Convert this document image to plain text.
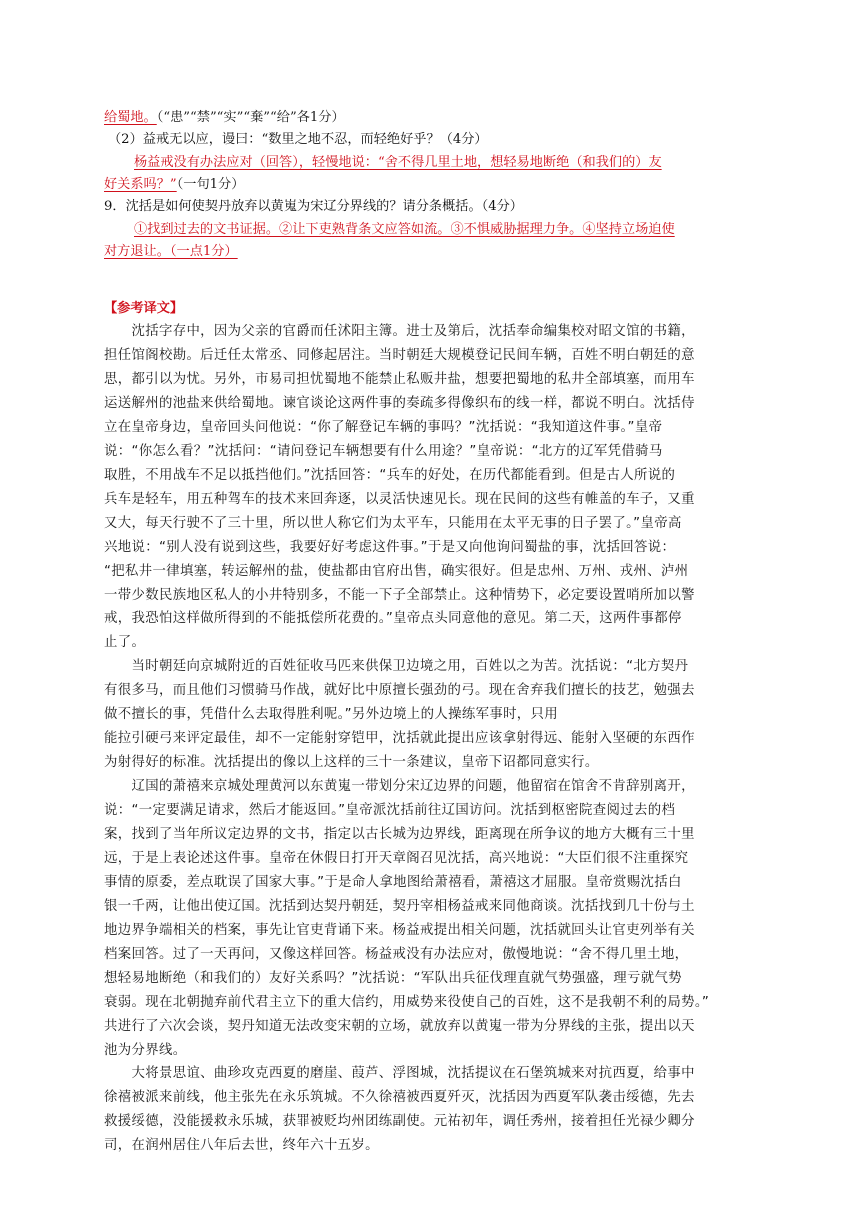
给蜀地。（“患”“禁”“实”“棄”“给”各1分）
（2）益戒无以应，谩曰：“数里之地不忍，而轻绝好乎？（4分）
杨益戒没有办法应对（回答），轻慢地说：“舍不得几里土地，想轻易地断绝（和我们的）友
好关系吗？”（一句1分）
9．沈括是如何使契丹放弃以黄嵬为宋辽分界线的？请分条概括。（4分）
①找到过去的文书证据。②让下吏熟背条文应答如流。③不惧威胁据理力争。④坚持立场迫使
对方退让。（一点1分）
【参考译文】
　　沈括字存中，因为父亲的官爵而任沭阳主簿。进士及第后，沈括奉命编集校对昭文馆的书籍，
担任馆阁校勘。后迁任太常丞、同修起居注。当时朝廷大规模登记民间车辆，百姓不明白朝廷的意
思，都引以为忧。另外，市易司担忧蜀地不能禁止私贩井盐，想要把蜀地的私井全部填塞，而用车
运送解州的池盐来供给蜀地。谏官谈论这两件事的奏疏多得像织布的线一样，都说不明白。沈括侍
立在皇帝身边，皇帝回头问他说：“你了解登记车辆的事吗？”沈括说：“我知道这件事。”皇帝
说：“你怎么看？”沈括问：“请问登记车辆想要有什么用途？”皇帝说：“北方的辽军凭借骑马
取胜，不用战车不足以抵挡他们。”沈括回答：“兵车的好处，在历代都能看到。但是古人所说的
兵车是轻车，用五种驾车的技术来回奔逐，以灵活快速见长。现在民间的这些有帷盖的车子，又重
又大，每天行驶不了三十里，所以世人称它们为太平车，只能用在太平无事的日子罢了。”皇帝高
兴地说：“别人没有说到这些，我要好好考虑这件事。”于是又向他询问蜀盐的事，沈括回答说：
“把私井一律填塞，转运解州的盐，使盐都由官府出售，确实很好。但是忠州、万州、戎州、泸州
一带少数民族地区私人的小井特别多，不能一下子全部禁止。这种情势下，必定要设置哨所加以警
戒，我恐怕这样做所得到的不能抵偿所花费的。”皇帝点头同意他的意见。第二天，这两件事都停
止了。
　　当时朝廷向京城附近的百姓征收马匹来供保卫边境之用，百姓以之为苦。沈括说：“北方契丹
有很多马，而且他们习惯骑马作战，就好比中原擅长强劲的弓。现在舍弃我们擅长的技艺，勉强去
做不擅长的事，凭借什么去取得胜利呢。”另外边境上的人操练军事时，只用
能拉引硬弓来评定最佳，却不一定能射穿铠甲，沈括就此提出应该拿射得远、能射入坚硬的东西作
为射得好的标准。沈括提出的像以上这样的三十一条建议，皇帝下诏都同意实行。
　　辽国的萧禧来京城处理黄河以东黄嵬一带划分宋辽边界的问题，他留宿在馆舍不肯辞别离开，
说：“一定要满足请求，然后才能返回。”皇帝派沈括前往辽国访问。沈括到枢密院查阅过去的档
案，找到了当年所议定边界的文书，指定以古长城为边界线，距离现在所争议的地方大概有三十里
远，于是上表论述这件事。皇帝在休假日打开天章阁召见沈括，高兴地说：“大臣们很不注重探究
事情的原委，差点耽误了国家大事。”于是命人拿地图给萧禧看，萧禧这才屈服。皇帝赏赐沈括白
银一千两，让他出使辽国。沈括到达契丹朝廷，契丹宰相杨益戒来同他商谈。沈括找到几十份与土
地边界争端相关的档案，事先让官吏背诵下来。杨益戒提出相关问题，沈括就回头让官吏列举有关
档案回答。过了一天再问，又像这样回答。杨益戒没有办法应对，傲慢地说：“舍不得几里土地，
想轻易地断绝（和我们的）友好关系吗？”沈括说：“军队出兵征伐理直就气势强盛，理亏就气势
衰弱。现在北朝抛弃前代君主立下的重大信约，用威势来役使自己的百姓，这不是我朝不利的局势。”
共进行了六次会谈，契丹知道无法改变宋朝的立场，就放弃以黄嵬一带为分界线的主张，提出以天
池为分界线。
　　大将景思谊、曲珍攻克西夏的磨崖、葭芦、浮图城，沈括提议在石堡筑城来对抗西夏，给事中
徐禧被派来前线，他主张先在永乐筑城。不久徐禧被西夏歼灭，沈括因为西夏军队袭击绥德，先去
救援绥德，没能援救永乐城，获罪被贬均州团练副使。元祐初年，调任秀州，接着担任光禄少卿分
司，在润州居住八年后去世，终年六十五岁。
